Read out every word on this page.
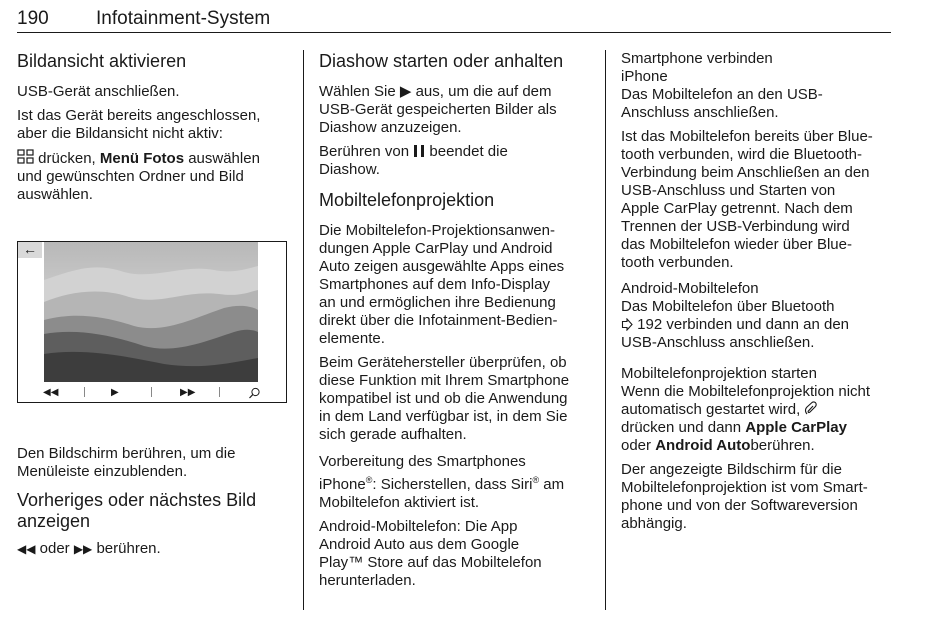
190 Infotainment-System
Bildansicht aktivieren

USB-Gerät anschließen.

Ist das Gerät bereits angeschlossen,
aber die Bildansicht nicht aktiv:

drücken, Menü Fotos auswählen
und gewünschten Ordner und Bild
auswählen.

←
◀◀	▶	▶▶

Den Bildschirm berühren, um die
Menüleiste einzublenden.

Vorheriges oder nächstes Bild
anzeigen

◀◀ oder ▶▶ berühren.

Diashow starten oder anhalten

Wählen Sie ▶ aus, um die auf dem
USB-Gerät gespeicherten Bilder als
Diashow anzuzeigen.

Berühren von  beendet die
Diashow.

Mobiltelefonprojektion

Die Mobiltelefon-Projektionsanwen-
dungen Apple CarPlay und Android
Auto zeigen ausgewählte Apps eines
Smartphones auf dem Info-Display
an und ermöglichen ihre Bedienung
direkt über die Infotainment-Bedien-
elemente.

Beim Gerätehersteller überprüfen, ob
diese Funktion mit Ihrem Smartphone
kompatibel ist und ob die Anwendung
in dem Land verfügbar ist, in dem Sie
sich gerade aufhalten.

Vorbereitung des Smartphones

iPhone®: Sicherstellen, dass Siri® am
Mobiltelefon aktiviert ist.

Android-Mobiltelefon: Die App
Android Auto aus dem Google
Play™ Store auf das Mobiltelefon
herunterladen.

Smartphone verbinden
iPhone

Das Mobiltelefon an den USB-
Anschluss anschließen.

Ist das Mobiltelefon bereits über Blue-
tooth verbunden, wird die Bluetooth-
Verbindung beim Anschließen an den
USB-Anschluss und Starten von
Apple CarPlay getrennt. Nach dem
Trennen der USB-Verbindung wird
das Mobiltelefon wieder über Blue-
tooth verbunden.

Android-Mobiltelefon

Das Mobiltelefon über Bluetooth
192 verbinden und dann an den
USB-Anschluss anschließen.

Mobiltelefonprojektion starten

Wenn die Mobiltelefonprojektion nicht
automatisch gestartet wird,
drücken und dann Apple CarPlay
oder Android Autoberühren.

Der angezeigte Bildschirm für die
Mobiltelefonprojektion ist vom Smart-
phone und von der Softwareversion
abhängig.
